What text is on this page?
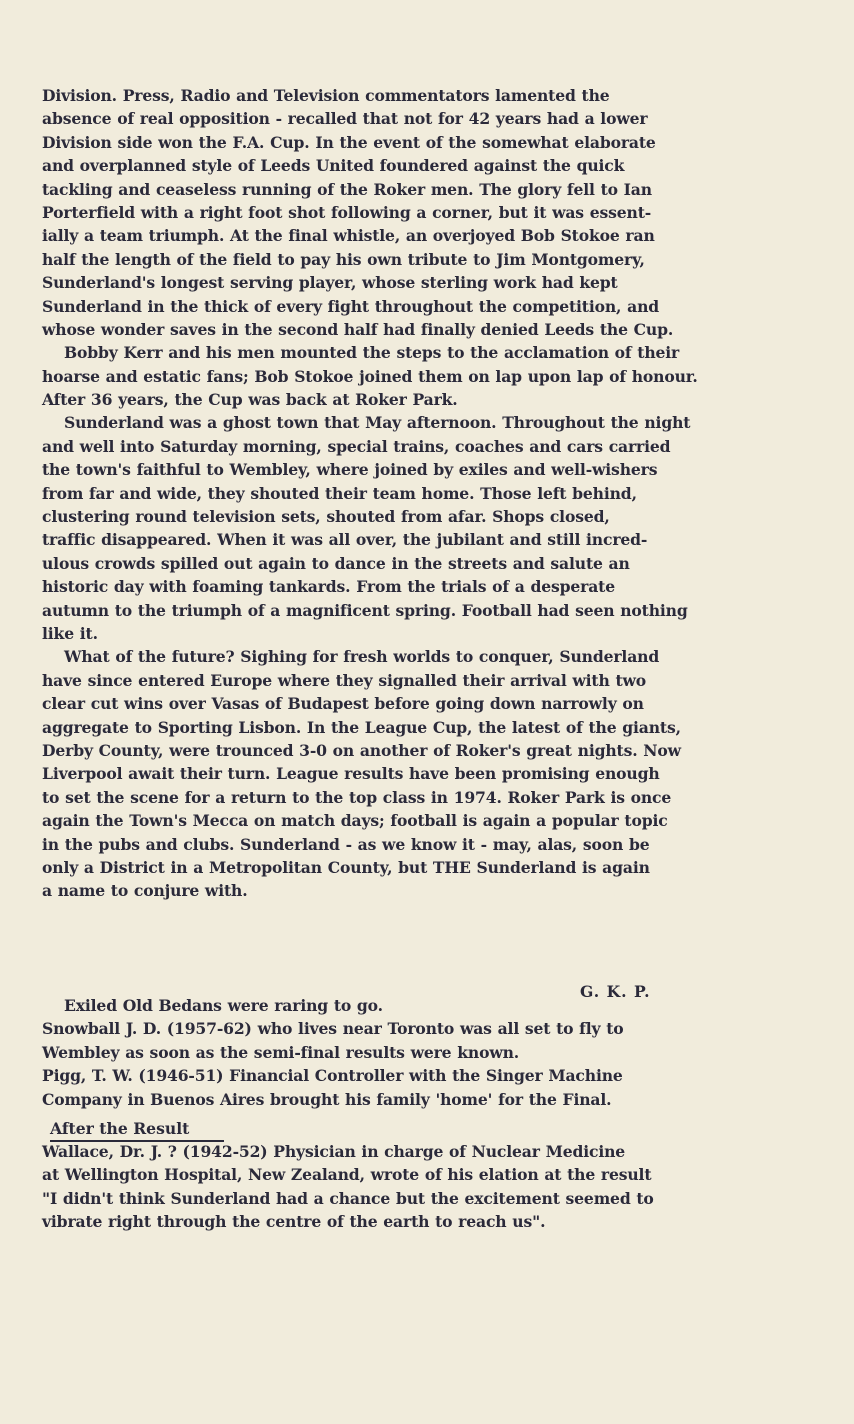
Division. Press, Radio and Television commentators lamented the
absence of real opposition - recalled that not for 42 years had a lower
Division side won the F.A. Cup. In the event of the somewhat elaborate
and overplanned style of Leeds United foundered against the quick
tackling and ceaseless running of the Roker men. The glory fell to Ian
Porterfield with a right foot shot following a corner, but it was essent-
ially a team triumph. At the final whistle, an overjoyed Bob Stokoe ran
half the length of the field to pay his own tribute to Jim Montgomery,
Sunderland's longest serving player, whose sterling work had kept
Sunderland in the thick of every fight throughout the competition, and
whose wonder saves in the second half had finally denied Leeds the Cup.
Bobby Kerr and his men mounted the steps to the acclamation of their
hoarse and estatic fans; Bob Stokoe joined them on lap upon lap of honour.
After 36 years, the Cup was back at Roker Park.
Sunderland was a ghost town that May afternoon. Throughout the night
and well into Saturday morning, special trains, coaches and cars carried
the town's faithful to Wembley, where joined by exiles and well-wishers
from far and wide, they shouted their team home. Those left behind,
clustering round television sets, shouted from afar. Shops closed,
traffic disappeared. When it was all over, the jubilant and still incred-
ulous crowds spilled out again to dance in the streets and salute an
historic day with foaming tankards. From the trials of a desperate
autumn to the triumph of a magnificent spring. Football had seen nothing
like it.
What of the future? Sighing for fresh worlds to conquer, Sunderland
have since entered Europe where they signalled their arrival with two
clear cut wins over Vasas of Budapest before going down narrowly on
aggregate to Sporting Lisbon. In the League Cup, the latest of the giants,
Derby County, were trounced 3-0 on another of Roker's great nights. Now
Liverpool await their turn. League results have been promising enough
to set the scene for a return to the top class in 1974. Roker Park is once
again the Town's Mecca on match days; football is again a popular topic
in the pubs and clubs. Sunderland - as we know it - may, alas, soon be
only a District in a Metropolitan County, but THE Sunderland is again
a name to conjure with.
G. K. P.
Exiled Old Bedans were raring to go.
Snowball J. D. (1957-62) who lives near Toronto was all set to fly to
Wembley as soon as the semi-final results were known.
Pigg, T. W. (1946-51) Financial Controller with the Singer Machine
Company in Buenos Aires brought his family 'home' for the Final.
After the Result
Wallace, Dr. J. ? (1942-52) Physician in charge of Nuclear Medicine
at Wellington Hospital, New Zealand, wrote of his elation at the result
"I didn't think Sunderland had a chance but the excitement seemed to
vibrate right through the centre of the earth to reach us".
